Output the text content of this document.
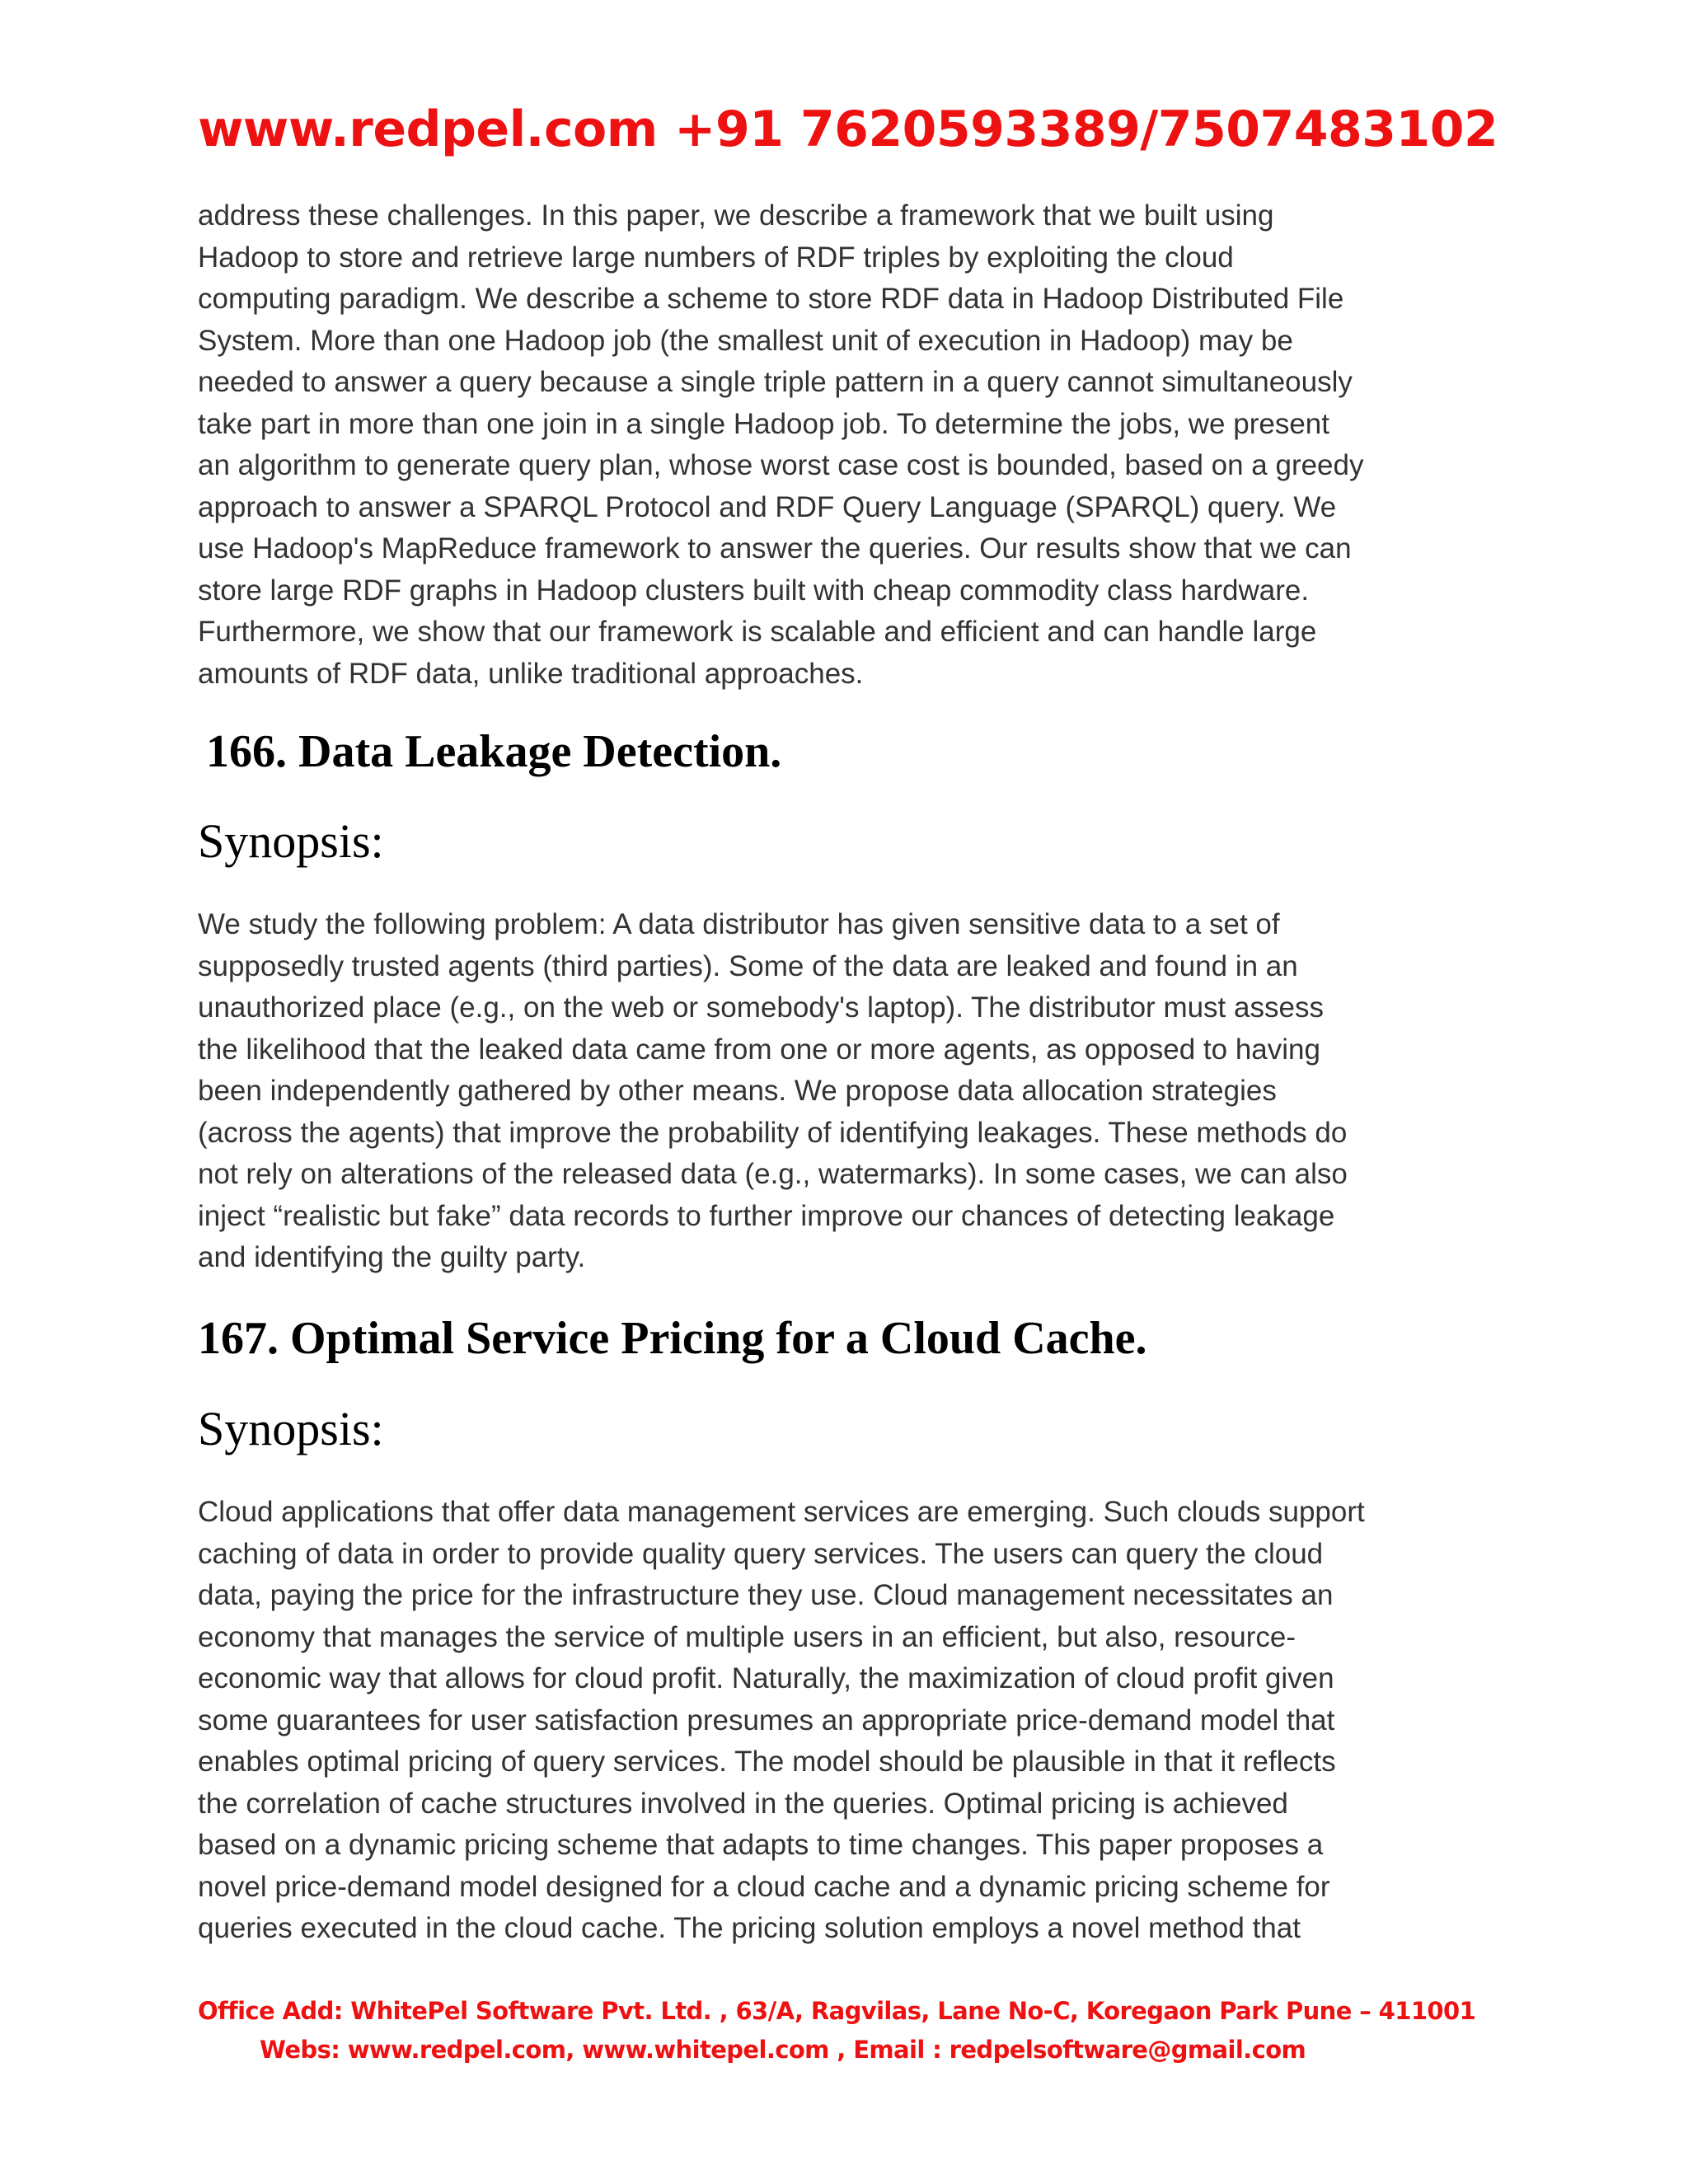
www.redpel.com +91 7620593389/7507483102

address these challenges. In this paper, we describe a framework that we built using
Hadoop to store and retrieve large numbers of RDF triples by exploiting the cloud
computing paradigm. We describe a scheme to store RDF data in Hadoop Distributed File
System. More than one Hadoop job (the smallest unit of execution in Hadoop) may be
needed to answer a query because a single triple pattern in a query cannot simultaneously
take part in more than one join in a single Hadoop job. To determine the jobs, we present
an algorithm to generate query plan, whose worst case cost is bounded, based on a greedy
approach to answer a SPARQL Protocol and RDF Query Language (SPARQL) query. We
use Hadoop's MapReduce framework to answer the queries. Our results show that we can
store large RDF graphs in Hadoop clusters built with cheap commodity class hardware.
Furthermore, we show that our framework is scalable and efficient and can handle large
amounts of RDF data, unlike traditional approaches.

166. Data Leakage Detection.
Synopsis:

We study the following problem: A data distributor has given sensitive data to a set of
supposedly trusted agents (third parties). Some of the data are leaked and found in an
unauthorized place (e.g., on the web or somebody's laptop). The distributor must assess
the likelihood that the leaked data came from one or more agents, as opposed to having
been independently gathered by other means. We propose data allocation strategies
(across the agents) that improve the probability of identifying leakages. These methods do
not rely on alterations of the released data (e.g., watermarks). In some cases, we can also
inject “realistic but fake” data records to further improve our chances of detecting leakage
and identifying the guilty party.

167. Optimal Service Pricing for a Cloud Cache.
Synopsis:

Cloud applications that offer data management services are emerging. Such clouds support
caching of data in order to provide quality query services. The users can query the cloud
data, paying the price for the infrastructure they use. Cloud management necessitates an
economy that manages the service of multiple users in an efficient, but also, resource-
economic way that allows for cloud profit. Naturally, the maximization of cloud profit given
some guarantees for user satisfaction presumes an appropriate price-demand model that
enables optimal pricing of query services. The model should be plausible in that it reflects
the correlation of cache structures involved in the queries. Optimal pricing is achieved
based on a dynamic pricing scheme that adapts to time changes. This paper proposes a
novel price-demand model designed for a cloud cache and a dynamic pricing scheme for
queries executed in the cloud cache. The pricing solution employs a novel method that

Office Add: WhitePel Software Pvt. Ltd. , 63/A, Ragvilas, Lane No-C, Koregaon Park Pune – 411001
Webs: www.redpel.com, www.whitepel.com , Email : redpelsoftware@gmail.com
